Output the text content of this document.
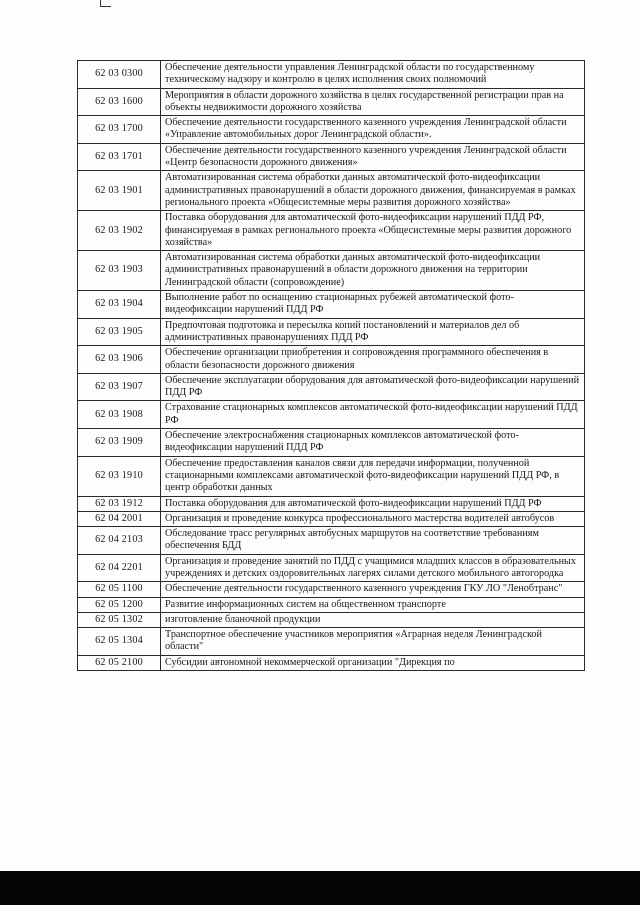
62 03 0300	Обеспечение деятельности управления Ленинградской области по государственному техническому надзору и контролю в целях исполнения своих полномочий
62 03 1600	Мероприятия в области дорожного хозяйства в целях государственной регистрации прав на объекты недвижимости дорожного хозяйства
62 03 1700	Обеспечение деятельности государственного казенного учреждения Ленинградской области «Управление автомобильных дорог Ленинградской области».
62 03 1701	Обеспечение деятельности государственного казенного учреждения Ленинградской области «Центр безопасности дорожного движения»
62 03 1901	Автоматизированная система обработки данных автоматической фото-видеофиксации административных правонарушений в области дорожного движения, финансируемая в рамках регионального проекта «Общесистемные меры развития дорожного хозяйства»
62 03 1902	Поставка оборудования для автоматической фото-видеофиксации нарушений ПДД РФ, финансируемая в рамках регионального проекта «Общесистемные меры развития дорожного хозяйства»
62 03 1903	Автоматизированная система обработки данных автоматической фото-видеофиксации административных правонарушений в области дорожного движения на территории Ленинградской области (сопровождение)
62 03 1904	Выполнение работ по оснащению стационарных рубежей автоматической фото-видеофиксации нарушений ПДД РФ
62 03 1905	Предпочтовая подготовка и пересылка копий постановлений и материалов дел об административных правонарушениях ПДД РФ
62 03 1906	Обеспечение организации приобретения и сопровождения программного обеспечения в области безопасности дорожного движения
62 03 1907	Обеспечение эксплуатации оборудования для автоматической фото-видеофиксации нарушений ПДД РФ
62 03 1908	Страхование стационарных комплексов автоматической фото-видеофиксации нарушений ПДД РФ
62 03 1909	Обеспечение электроснабжения стационарных комплексов автоматической фото-видеофиксации нарушений ПДД РФ
62 03 1910	Обеспечение предоставления каналов связи для передачи информации, полученной стационарными комплексами автоматической фото-видеофиксации нарушений ПДД РФ, в центр обработки данных
62 03 1912	Поставка оборудования для автоматической фото-видеофиксации нарушений ПДД РФ
62 04 2001	Организация и проведение конкурса профессионального мастерства водителей автобусов
62 04 2103	Обследование трасс регулярных автобусных маршрутов на соответствие требованиям обеспечения БДД
62 04 2201	Организация и проведение занятий по ПДД с учащимися младших классов в образовательных учреждениях и детских оздоровительных лагерях силами детского мобильного автогородка
62 05 1100	Обеспечение деятельности государственного казенного учреждения ГКУ ЛО "Ленобтранс"
62 05 1200	Развитие информационных систем на общественном транспорте
62 05 1302	изготовление бланочной продукции
62 05 1304	Транспортное обеспечение участников мероприятия «Аграрная неделя Ленинградской области"
62 05 2100	Субсидии автономной некоммерческой организации "Дирекция по
